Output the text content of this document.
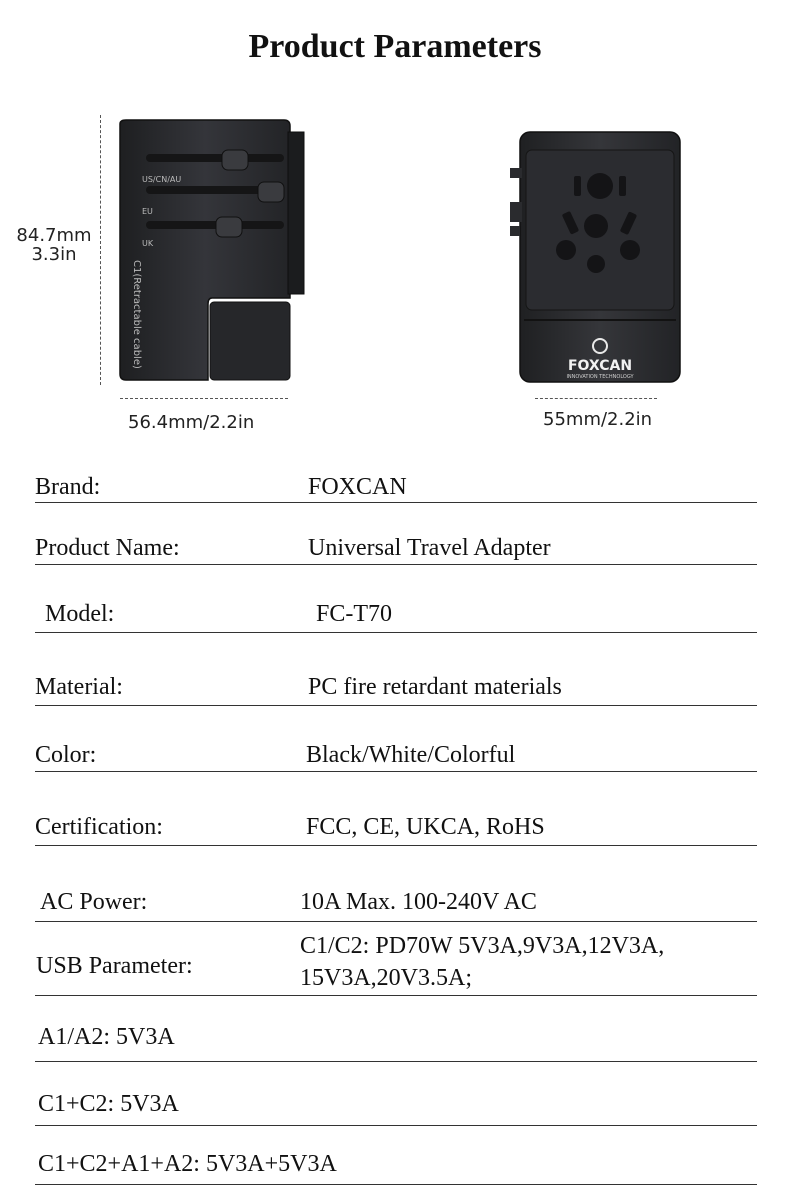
Product Parameters
84.7mm
3.3in
56.4mm/2.2in	55mm/2.2in
US/CN/AU
EU
UK
C1(Retractable cable)	FOXCAN
INNOVATION TECHNOLOGY
Brand:	FOXCAN
Product Name:	Universal Travel Adapter
Model:	FC-T70
Material:	PC fire retardant materials
Color:	Black/White/Colorful
Certification:	FCC, CE, UKCA, RoHS
AC Power:	10A Max. 100-240V AC
USB Parameter:
C1/C2: PD70W 5V3A,9V3A,12V3A, 15V3A,20V3.5A;
A1/A2: 5V3A
C1+C2: 5V3A
C1+C2+A1+A2: 5V3A+5V3A
